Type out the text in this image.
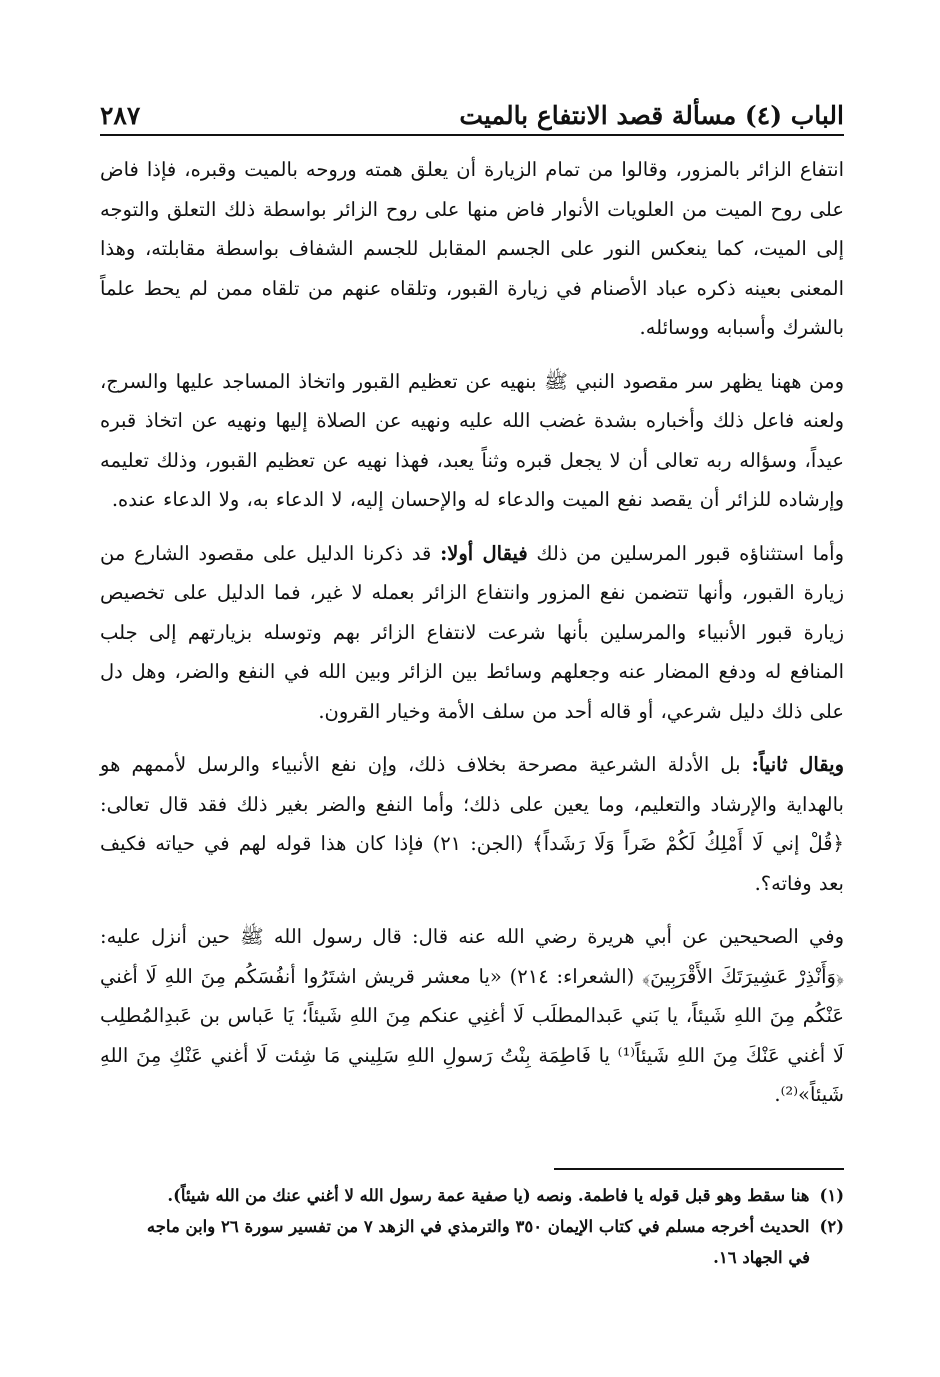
٢٨٧	الباب (٤) مسألة قصد الانتفاع بالميت

انتفاع الزائر بالمزور، وقالوا من تمام الزيارة أن يعلق همته وروحه بالميت وقبره، فإذا فاض على روح الميت من العلويات الأنوار فاض منها على روح الزائر بواسطة ذلك التعلق والتوجه إلى الميت، كما ينعكس النور على الجسم المقابل للجسم الشفاف بواسطة مقابلته، وهذا المعنى بعينه ذكره عباد الأصنام في زيارة القبور، وتلقاه عنهم من تلقاه ممن لم يحط علماً بالشرك وأسبابه ووسائله.

ومن ههنا يظهر سر مقصود النبي ﷺ بنهيه عن تعظيم القبور واتخاذ المساجد عليها والسرج، ولعنه فاعل ذلك وأخباره بشدة غضب الله عليه ونهيه عن الصلاة إليها ونهيه عن اتخاذ قبره عيداً، وسؤاله ربه تعالى أن لا يجعل قبره وثناً يعبد، فهذا نهيه عن تعظيم القبور، وذلك تعليمه وإرشاده للزائر أن يقصد نفع الميت والدعاء له والإحسان إليه، لا الدعاء به، ولا الدعاء عنده.

وأما استثناؤه قبور المرسلين من ذلك فيقال أولا: قد ذكرنا الدليل على مقصود الشارع من زيارة القبور، وأنها تتضمن نفع المزور وانتفاع الزائر بعمله لا غير، فما الدليل على تخصيص زيارة قبور الأنبياء والمرسلين بأنها شرعت لانتفاع الزائر بهم وتوسله بزيارتهم إلى جلب المنافع له ودفع المضار عنه وجعلهم وسائط بين الزائر وبين الله في النفع والضر، وهل دل على ذلك دليل شرعي، أو قاله أحد من سلف الأمة وخيار القرون.

ويقال ثانياً: بل الأدلة الشرعية مصرحة بخلاف ذلك، وإن نفع الأنبياء والرسل لأممهم هو بالهداية والإرشاد والتعليم، وما يعين على ذلك؛ وأما النفع والضر بغير ذلك فقد قال تعالى: ﴿قُلْ إني لَا أَمْلِكُ لَكُمْ ضَراً وَلَا رَشَداً﴾ (الجن: ٢١) فإذا كان هذا قوله لهم في حياته فكيف بعد وفاته؟.

وفي الصحيحين عن أبي هريرة رضي الله عنه قال: قال رسول الله ﷺ حين أنزل عليه: ﴿وَأَنْذِرْ عَشِيرَتَكَ الأَقْرَبِينَ﴾ (الشعراء: ٢١٤) «يا معشر قريش اشتَرُوا أنفُسَكُم مِنَ اللهِ لَا أغني عَنْكُم مِنَ اللهِ شَيئاً، يا بَني عَبدالمطلَب لَا أغنِي عنكم مِنَ اللهِ شَيئاً؛ يَا عَباس بن عَبدِالمُطلِب لَا أغني عَنْكَ مِنَ اللهِ شَيئاً⁽¹⁾ يا فَاطِمَة بِنْتُ رَسولِ اللهِ سَلِيني مَا شِئت لَا أغني عَنْكِ مِنَ اللهِ شَيئاً»⁽²⁾.

(١)هنا سقط وهو قبل قوله يا فاطمة. ونصه (يا صفية عمة رسول الله لا أغني عنك من الله شيئاً).

(٢)الحديث أخرجه مسلم في كتاب الإيمان ٣٥٠ والترمذي في الزهد ٧ من تفسير سورة ٢٦ وابن ماجه

في الجهاد ١٦.
